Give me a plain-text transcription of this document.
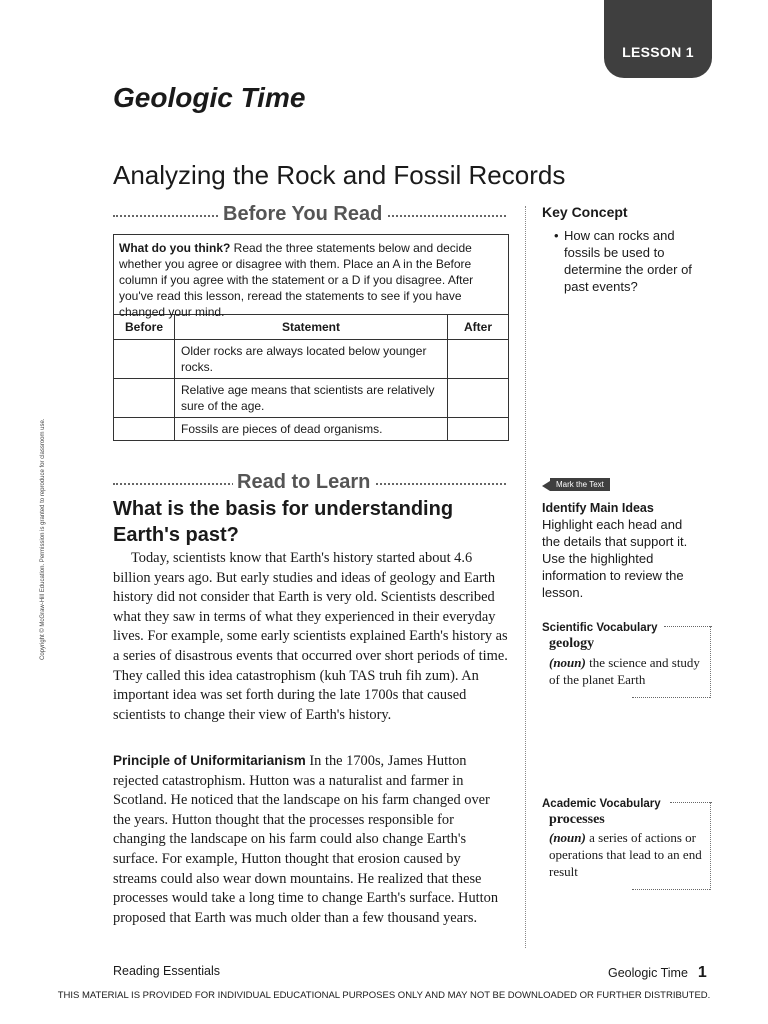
LESSON 1
Geologic Time
Analyzing the Rock and Fossil Records
Before You Read
What do you think? Read the three statements below and decide whether you agree or disagree with them. Place an A in the Before column if you agree with the statement or a D if you disagree. After you've read this lesson, reread the statements to see if you have changed your mind.
Before	Statement	After
	Older rocks are always located below younger rocks.	
	Relative age means that scientists are relatively sure of the age.	
	Fossils are pieces of dead organisms.	
Read to Learn
What is the basis for understanding Earth's past?
Today, scientists know that Earth's history started about 4.6 billion years ago. But early studies and ideas of geology and Earth history did not consider that Earth is very old. Scientists described what they saw in terms of what they experienced in their everyday lives. For example, some early scientists explained Earth's history as a series of disastrous events that occurred over short periods of time. They called this idea catastrophism (kuh TAS truh fih zum). An important idea was set forth during the late 1700s that caused scientists to change their view of Earth's history.
Principle of Uniformitarianism In the 1700s, James Hutton rejected catastrophism. Hutton was a naturalist and farmer in Scotland. He noticed that the landscape on his farm changed over the years. Hutton thought that the processes responsible for changing the landscape on his farm could also change Earth's surface. For example, Hutton thought that erosion caused by streams could also wear down mountains. He realized that these processes would take a long time to change Earth's surface. Hutton proposed that Earth was much older than a few thousand years.
Key Concept
• How can rocks and fossils be used to determine the order of past events?
Mark the Text
Identify Main Ideas
Highlight each head and the details that support it. Use the highlighted information to review the lesson.
Scientific Vocabulary
geology
(noun) the science and study of the planet Earth
Academic Vocabulary
processes
(noun) a series of actions or operations that lead to an end result
Copyright © McGraw-Hill Education. Permission is granted to reproduce for classroom use.
Reading Essentials	Geologic Time 1
THIS MATERIAL IS PROVIDED FOR INDIVIDUAL EDUCATIONAL PURPOSES ONLY AND MAY NOT BE DOWNLOADED OR FURTHER DISTRIBUTED.
